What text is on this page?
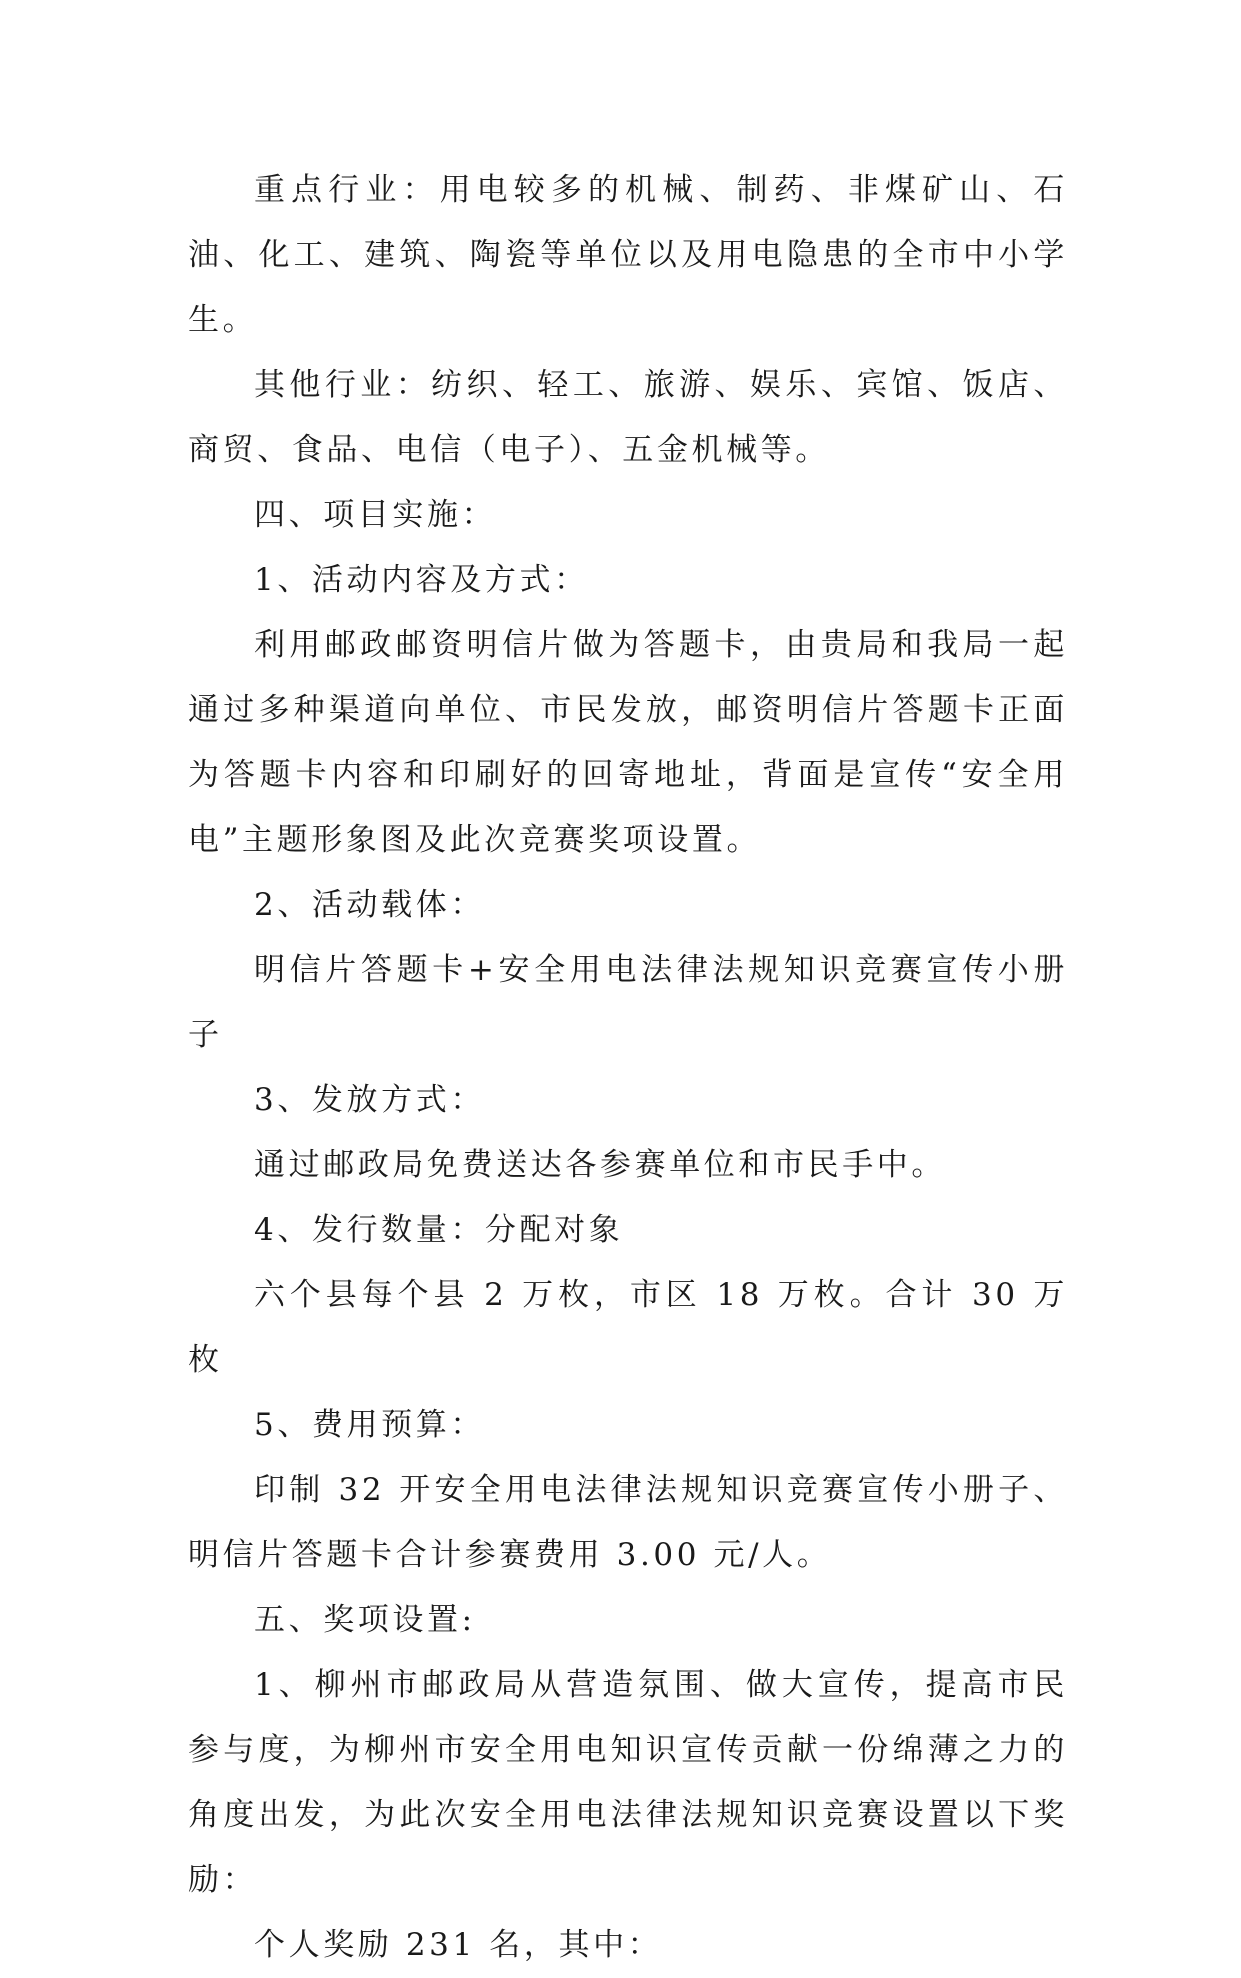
重点行业：用电较多的机械、制药、非煤矿山、石油、化工、建筑、陶瓷等单位以及用电隐患的全市中小学生。

其他行业：纺织、轻工、旅游、娱乐、宾馆、饭店、商贸、食品、电信（电子）、五金机械等。

四、项目实施：

1、活动内容及方式：

利用邮政邮资明信片做为答题卡，由贵局和我局一起通过多种渠道向单位、市民发放，邮资明信片答题卡正面为答题卡内容和印刷好的回寄地址，背面是宣传“安全用电”主题形象图及此次竞赛奖项设置。

2、活动载体：

明信片答题卡+安全用电法律法规知识竞赛宣传小册子

3、发放方式：

通过邮政局免费送达各参赛单位和市民手中。

4、发行数量：分配对象

六个县每个县 2 万枚，市区 18 万枚。合计 30 万枚

5、费用预算：

印制 32 开安全用电法律法规知识竞赛宣传小册子、明信片答题卡合计参赛费用 3.00 元/人。

五、奖项设置:

1、柳州市邮政局从营造氛围、做大宣传，提高市民参与度，为柳州市安全用电知识宣传贡献一份绵薄之力的角度出发，为此次安全用电法律法规知识竞赛设置以下奖励：

个人奖励 231 名，其中：
